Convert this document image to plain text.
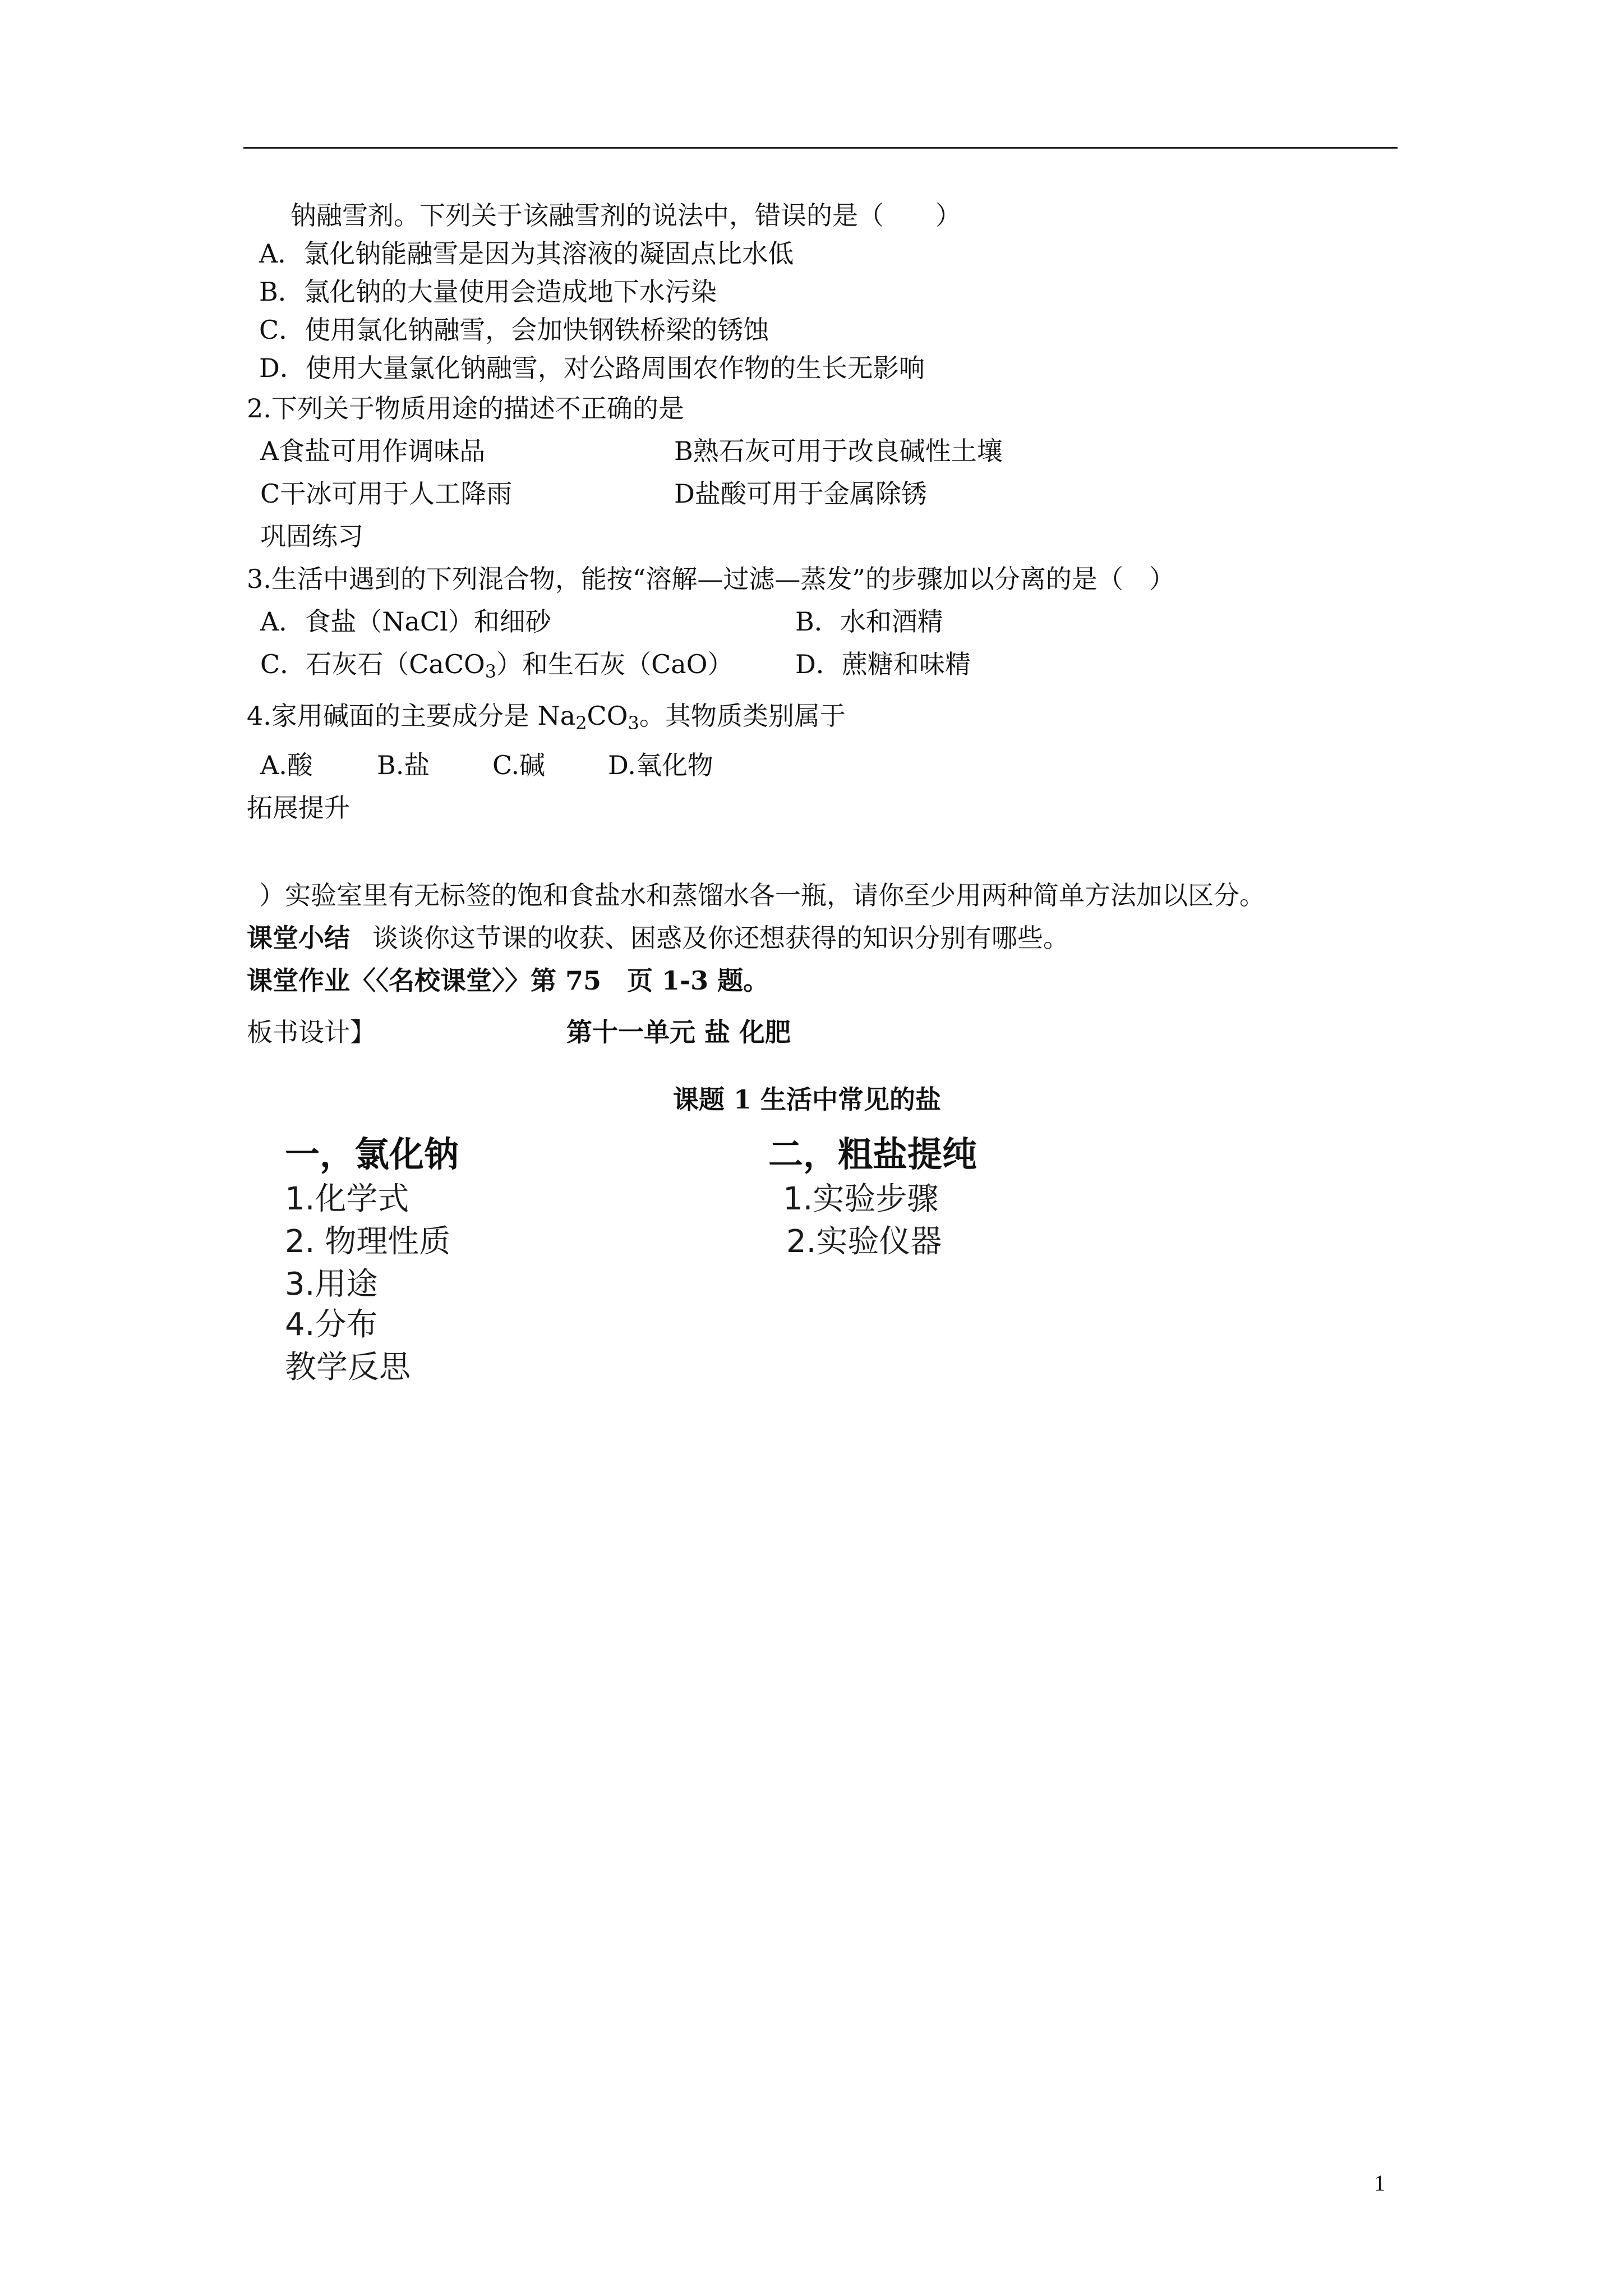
钠融雪剂。下列关于该融雪剂的说法中，错误的是（　　）
A．氯化钠能融雪是因为其溶液的凝固点比水低
B．氯化钠的大量使用会造成地下水污染
C．使用氯化钠融雪，会加快钢铁桥梁的锈蚀
D．使用大量氯化钠融雪，对公路周围农作物的生长无影响
2.下列关于物质用途的描述不正确的是
A食盐可用作调味品	B熟石灰可用于改良碱性土壤
C干冰可用于人工降雨	D盐酸可用于金属除锈
巩固练习
3.生活中遇到的下列混合物，能按“溶解—过滤—蒸发”的步骤加以分离的是（　）
A．食盐（NaCl）和细砂	B．水和酒精
C．石灰石（CaCO$_3$）和生石灰（CaO） D．蔗糖和味精
4.家用碱面的主要成分是 $Na_2CO_3$。其物质类别属于
A.酸 B.盐 C.碱 D.氧化物
拓展提升
）实验室里有无标签的饱和食盐水和蒸馏水各一瓶，请你至少用两种简单方法加以区分。
课堂小结 谈谈你这节课的收获、困惑及你还想获得的知识分别有哪些。
课堂作业〈〈名校课堂〉〉第 75　页 1-3 题。
板书设计】	第十一单元 盐 化肥
课题 1 生活中常见的盐
一，氯化钠
1.化学式
2. 物理性质
3.用途
4.分布
教学反思
二，粗盐提纯
1.实验步骤
2.实验仪器
1
